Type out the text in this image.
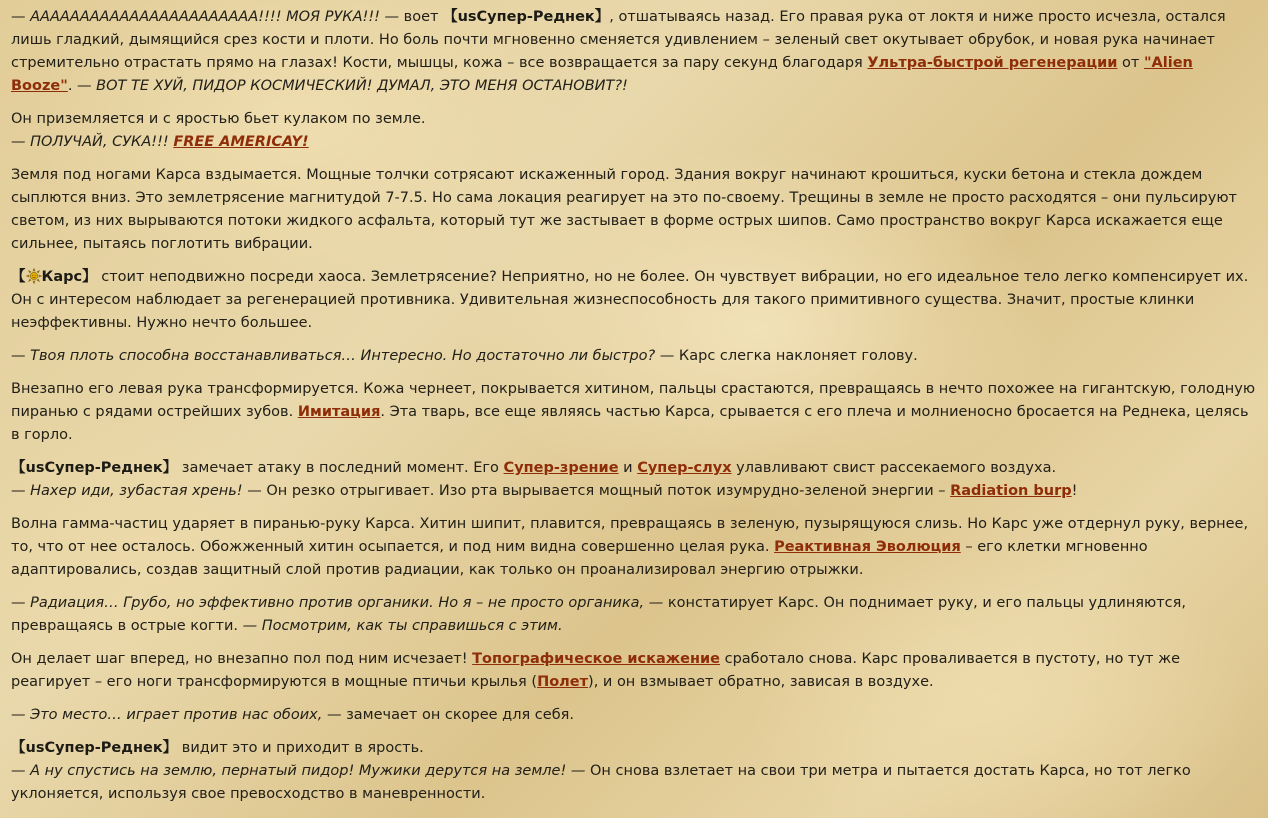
— ААААААААААААААААААААААА!!!! МОЯ РУКА!!! — воет 【usСупер-Реднек】, отшатываясь назад. Его правая рука от локтя и ниже просто исчезла, остался лишь гладкий, дымящийся срез кости и плоти. Но боль почти мгновенно сменяется удивлением – зеленый свет окутывает обрубок, и новая рука начинает стремительно отрастать прямо на глазах! Кости, мышцы, кожа – все возвращается за пару секунд благодаря Ультра-быстрой регенерации от "Alien Booze". — ВОТ ТЕ ХУЙ, ПИДОР КОСМИЧЕСКИЙ! ДУМАЛ, ЭТО МЕНЯ ОСТАНОВИТ?!

Он приземляется и с яростью бьет кулаком по земле.
— ПОЛУЧАЙ, СУКА!!! FREE AMERICAY!

Земля под ногами Карса вздымается. Мощные толчки сотрясают искаженный город. Здания вокруг начинают крошиться, куски бетона и стекла дождем сыплются вниз. Это землетрясение магнитудой 7-7.5. Но сама локация реагирует на это по-своему. Трещины в земле не просто расходятся – они пульсируют светом, из них вырываются потоки жидкого асфальта, который тут же застывает в форме острых шипов. Само пространство вокруг Карса искажается еще сильнее, пытаясь поглотить вибрации.

【 Карс】 стоит неподвижно посреди хаоса. Землетрясение? Неприятно, но не более. Он чувствует вибрации, но его идеальное тело легко компенсирует их. Он с интересом наблюдает за регенерацией противника. Удивительная жизнеспособность для такого примитивного существа. Значит, простые клинки неэффективны. Нужно нечто большее.

— Твоя плоть способна восстанавливаться… Интересно. Но достаточно ли быстро? — Карс слегка наклоняет голову.

Внезапно его левая рука трансформируется. Кожа чернеет, покрывается хитином, пальцы срастаются, превращаясь в нечто похожее на гигантскую, голодную пиранью с рядами острейших зубов. Имитация. Эта тварь, все еще являясь частью Карса, срывается с его плеча и молниеносно бросается на Реднека, целясь в горло.

【usСупер-Реднек】 замечает атаку в последний момент. Его Супер-зрение и Супер-слух улавливают свист рассекаемого воздуха.
— Нахер иди, зубастая хрень! — Он резко отрыгивает. Изо рта вырывается мощный поток изумрудно-зеленой энергии – Radiation burp!

Волна гамма-частиц ударяет в пиранью-руку Карса. Хитин шипит, плавится, превращаясь в зеленую, пузырящуюся слизь. Но Карс уже отдернул руку, вернее, то, что от нее осталось. Обожженный хитин осыпается, и под ним видна совершенно целая рука. Реактивная Эволюция – его клетки мгновенно адаптировались, создав защитный слой против радиации, как только он проанализировал энергию отрыжки.

— Радиация… Грубо, но эффективно против органики. Но я – не просто органика, — констатирует Карс. Он поднимает руку, и его пальцы удлиняются, превращаясь в острые когти. — Посмотрим, как ты справишься с этим.

Он делает шаг вперед, но внезапно пол под ним исчезает! Топографическое искажение сработало снова. Карс проваливается в пустоту, но тут же реагирует – его ноги трансформируются в мощные птичьи крылья (Полет), и он взмывает обратно, зависая в воздухе.

— Это место… играет против нас обоих, — замечает он скорее для себя.

【usСупер-Реднек】 видит это и приходит в ярость.
— А ну спустись на землю, пернатый пидор! Мужики дерутся на земле! — Он снова взлетает на свои три метра и пытается достать Карса, но тот легко уклоняется, используя свое превосходство в маневренности.
